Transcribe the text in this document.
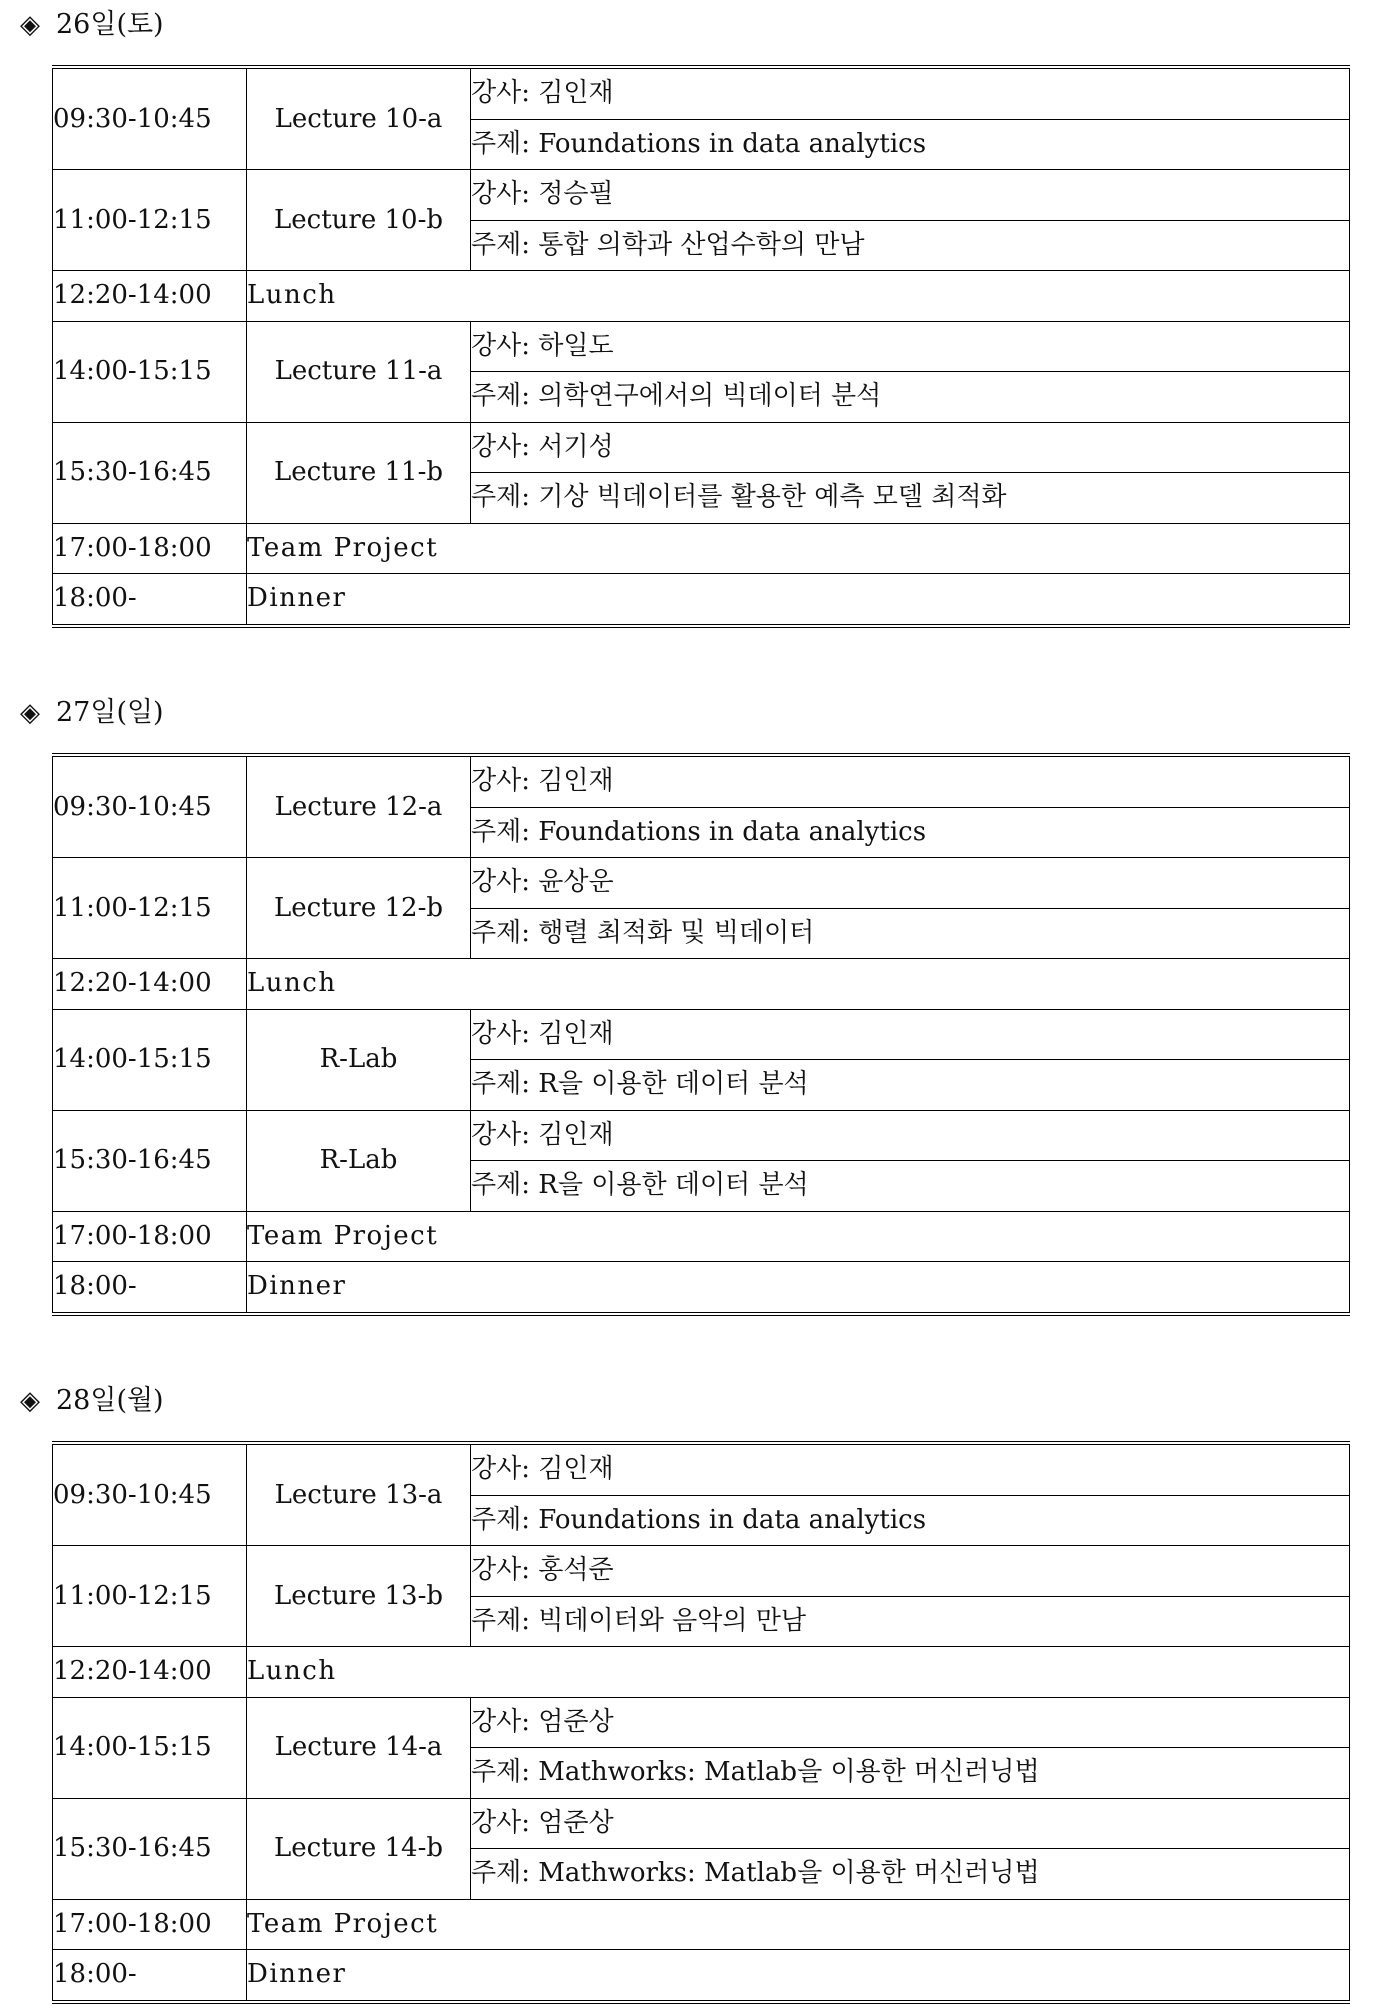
◈ 26일(토)
09:30-10:45	Lecture 10-a	강사: 김인재
		주제: Foundations in data analytics
11:00-12:15	Lecture 10-b	강사: 정승필
		주제: 통합 의학과 산업수학의 만남
12:20-14:00	Lunch	
14:00-15:15	Lecture 11-a	강사: 하일도
		주제: 의학연구에서의 빅데이터 분석
15:30-16:45	Lecture 11-b	강사: 서기성
		주제: 기상 빅데이터를 활용한 예측 모델 최적화
17:00-18:00	Team Project	
18:00-	Dinner	
◈ 27일(일)
09:30-10:45	Lecture 12-a	강사: 김인재
		주제: Foundations in data analytics
11:00-12:15	Lecture 12-b	강사: 윤상운
		주제: 행렬 최적화 및 빅데이터
12:20-14:00	Lunch	
14:00-15:15	R-Lab	강사: 김인재
		주제: R을 이용한 데이터 분석
15:30-16:45	R-Lab	강사: 김인재
		주제: R을 이용한 데이터 분석
17:00-18:00	Team Project	
18:00-	Dinner	
◈ 28일(월)
09:30-10:45	Lecture 13-a	강사: 김인재
		주제: Foundations in data analytics
11:00-12:15	Lecture 13-b	강사: 홍석준
		주제: 빅데이터와 음악의 만남
12:20-14:00	Lunch	
14:00-15:15	Lecture 14-a	강사: 엄준상
		주제: Mathworks: Matlab을 이용한 머신러닝법
15:30-16:45	Lecture 14-b	강사: 엄준상
		주제: Mathworks: Matlab을 이용한 머신러닝법
17:00-18:00	Team Project	
18:00-	Dinner	
